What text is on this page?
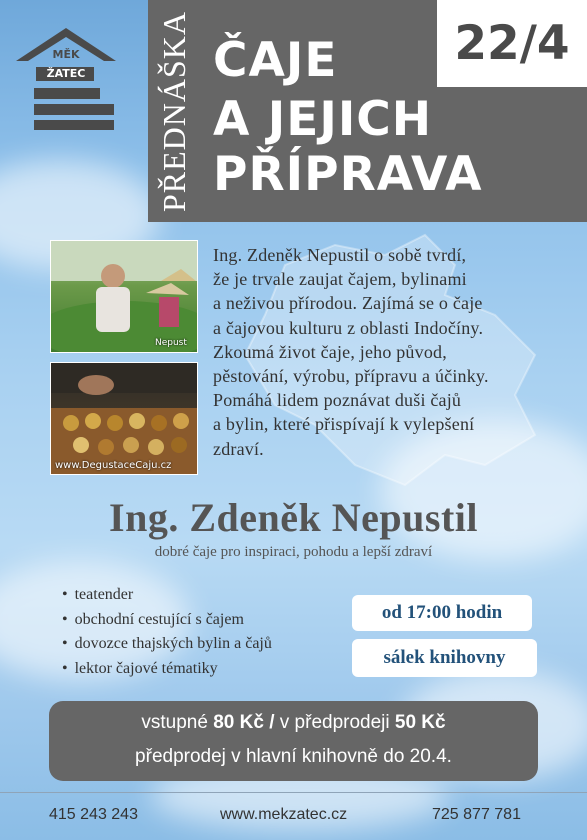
MĚK
ŽATEC	PŘEDNÁŠKA ČAJE
A JEJICH
PŘÍPRAVA
22/4
Nepust
www.DegustaceCaju.cz
Ing. Zdeněk Nepustil o sobě tvrdí,
že je trvale zaujat čajem, bylinami
a neživou přírodou. Zajímá se o čaje
a čajovou kulturu z oblasti Indočíny.
Zkoumá život čaje, jeho původ,
pěstování, výrobu, přípravu a účinky.
Pomáhá lidem poznávat duši čajů
a bylin, které přispívají k vylepšení
zdraví.
Ing. Zdeněk Nepustil
dobré čaje pro inspiraci, pohodu a lepší zdraví
• teatender
• obchodní cestující s čajem
• dovozce thajských bylin a čajů
• lektor čajové tématiky
od 17:00 hodin
sálek knihovny
vstupné 80 Kč / v předprodeji 50 Kč
předprodej v hlavní knihovně do 20.4.
415 243 243	www.mekzatec.cz	725 877 781
